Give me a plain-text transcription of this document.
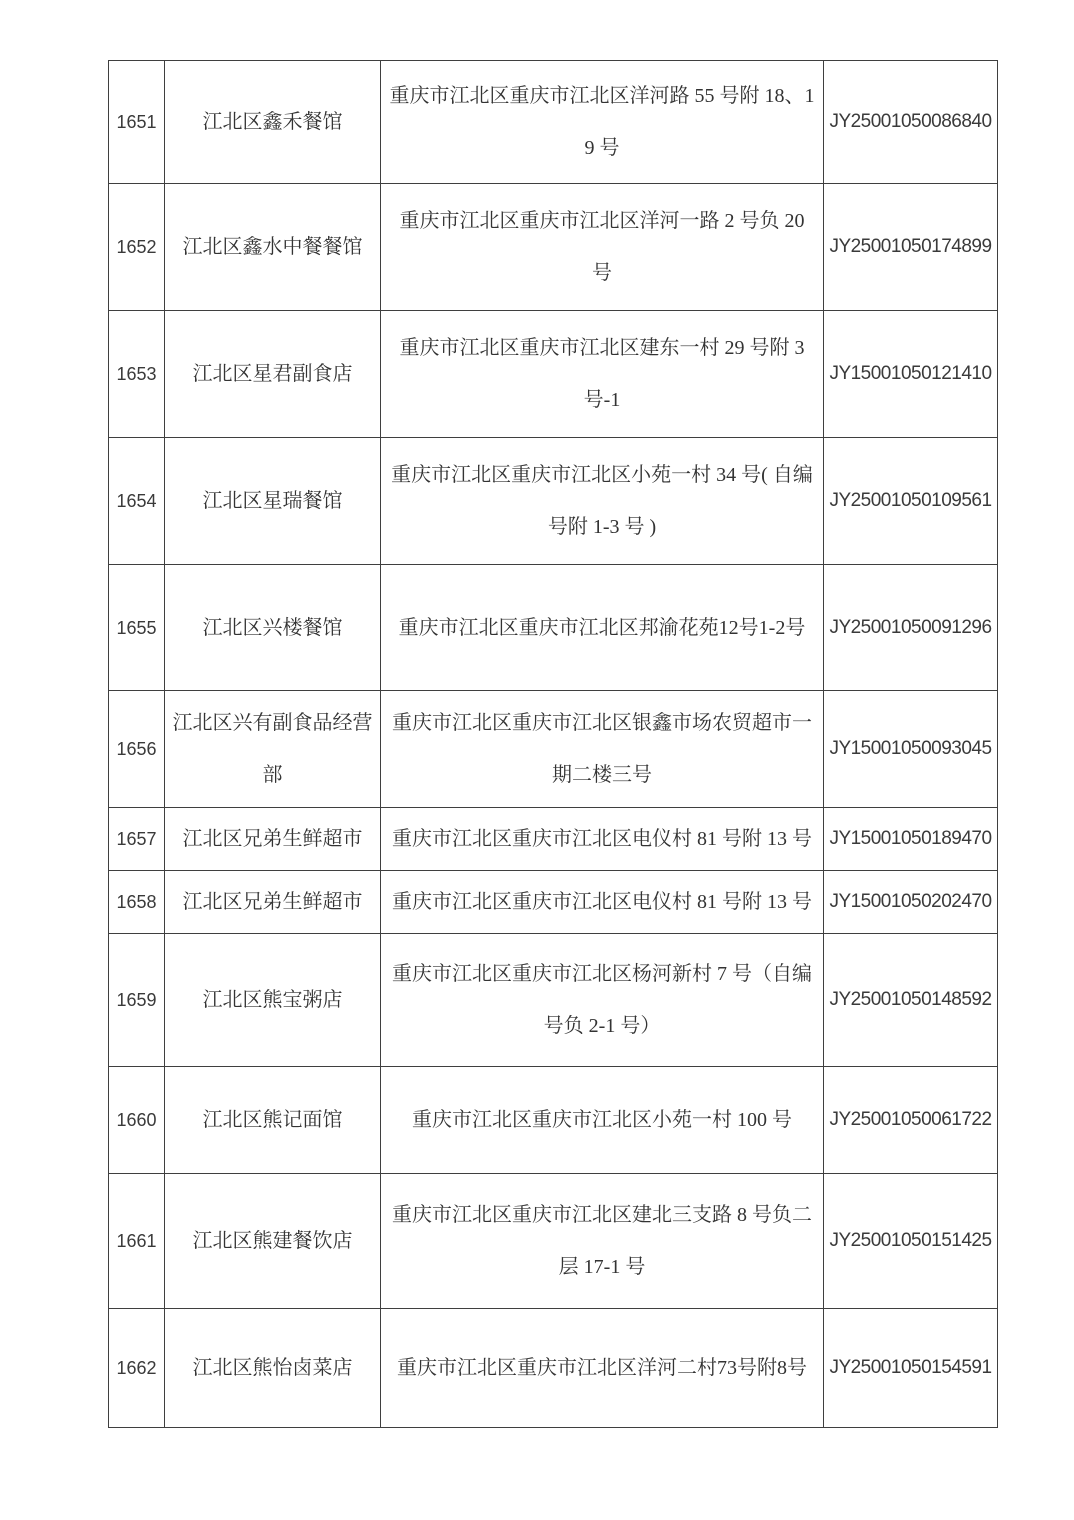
1651	江北区鑫禾餐馆	重庆市江北区重庆市江北区洋河路 55 号附 18、19 号	JY25001050086840
1652	江北区鑫水中餐餐馆	重庆市江北区重庆市江北区洋河一路 2 号负 20 号	JY25001050174899
1653	江北区星君副食店	重庆市江北区重庆市江北区建东一村 29 号附 3 号-1	JY15001050121410
1654	江北区星瑞餐馆	重庆市江北区重庆市江北区小苑一村 34 号( 自编号附 1-3 号 )	JY25001050109561
1655	江北区兴楼餐馆	重庆市江北区重庆市江北区邦渝花苑12号1-2号	JY25001050091296
1656	江北区兴有副食品经营部	重庆市江北区重庆市江北区银鑫市场农贸超市一期二楼三号	JY15001050093045
1657	江北区兄弟生鲜超市	重庆市江北区重庆市江北区电仪村 81 号附 13 号	JY15001050189470
1658	江北区兄弟生鲜超市	重庆市江北区重庆市江北区电仪村 81 号附 13 号	JY15001050202470
1659	江北区熊宝粥店	重庆市江北区重庆市江北区杨河新村 7 号（自编号负 2-1 号）	JY25001050148592
1660	江北区熊记面馆	重庆市江北区重庆市江北区小苑一村 100 号	JY25001050061722
1661	江北区熊建餐饮店	重庆市江北区重庆市江北区建北三支路 8 号负二层 17-1 号	JY25001050151425
1662	江北区熊怡卤菜店	重庆市江北区重庆市江北区洋河二村73号附8号	JY25001050154591
